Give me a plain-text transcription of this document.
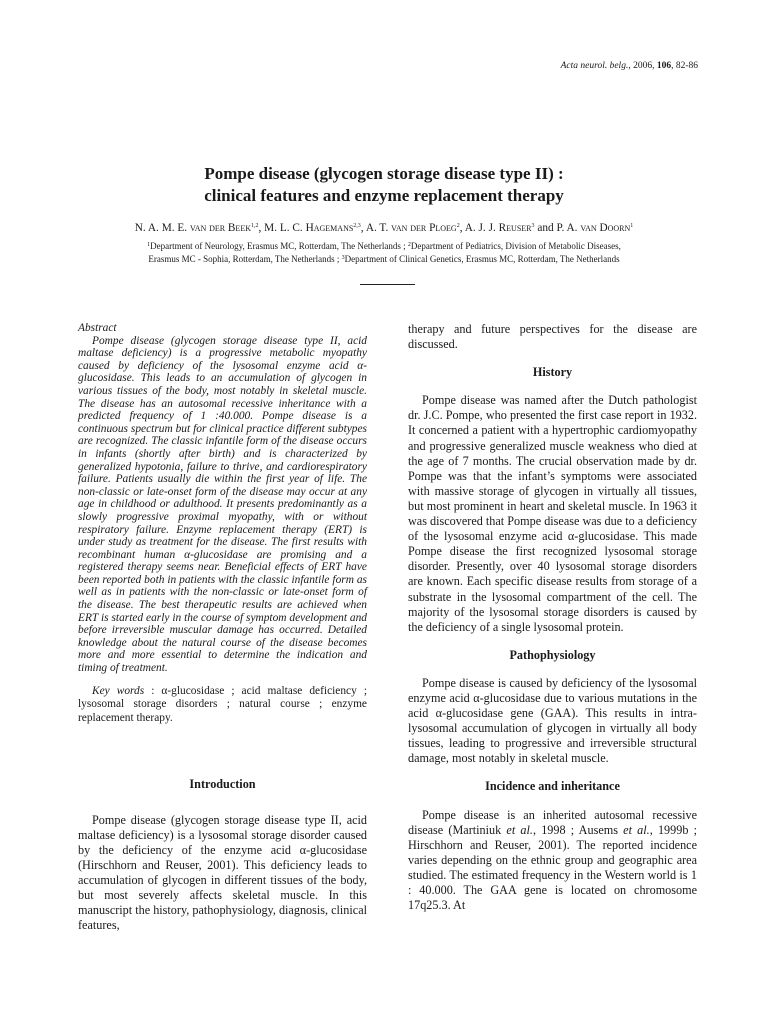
Acta neurol. belg., 2006, 106, 82-86
Pompe disease (glycogen storage disease type II) :
clinical features and enzyme replacement therapy
N. A. M. E. van der Beek$^{1,2}$, M. L. C. Hagemans$^{2,3}$, A. T. van der Ploeg$^2$, A. J. J. Reuser$^3$ and P. A. van Doorn$^1$
$^1$Department of Neurology, Erasmus MC, Rotterdam, The Netherlands ; $^2$Department of Pediatrics, Division of Metabolic Diseases,
Erasmus MC - Sophia, Rotterdam, The Netherlands ; $^3$Department of Clinical Genetics, Erasmus MC, Rotterdam, The Netherlands

Abstract

Pompe disease (glycogen storage disease type II, acid maltase deficiency) is a progressive metabolic myopathy caused by deficiency of the lysosomal enzyme acid α-glucosidase. This leads to an accumulation of glycogen in various tissues of the body, most notably in skeletal muscle. The disease has an autosomal recessive inheritance with a predicted frequency of 1 :40.000. Pompe disease is a continuous spectrum but for clinical practice different subtypes are recognized. The classic infantile form of the disease occurs in infants (shortly after birth) and is characterized by generalized hypotonia, failure to thrive, and cardiorespiratory failure. Patients usually die within the first year of life. The non-classic or late-onset form of the disease may occur at any age in childhood or adulthood. It presents predominantly as a slowly progressive proximal myopathy, with or without respiratory failure. Enzyme replacement therapy (ERT) is under study as treatment for the disease. The first results with recombinant human α-glucosidase are promising and a registered therapy seems near. Beneficial effects of ERT have been reported both in patients with the classic infantile form as well as in patients with the non-classic or late-onset form of the disease. The best therapeutic results are achieved when ERT is started early in the course of symptom development and before irreversible muscular damage has occurred. Detailed knowledge about the natural course of the disease becomes more and more essential to determine the indication and timing of treatment.

Key words : α-glucosidase ; acid maltase deficiency ; lysosomal storage disorders ; natural course ; enzyme replacement therapy.

Introduction

Pompe disease (glycogen storage disease type II, acid maltase deficiency) is a lysosomal storage disorder caused by the deficiency of the enzyme acid α-glucosidase (Hirschhorn and Reuser, 2001). This deficiency leads to accumulation of glycogen in different tissues of the body, but most severely affects skeletal muscle. In this manuscript the history, pathophysiology, diagnosis, clinical features,

therapy and future perspectives for the disease are discussed.

History

Pompe disease was named after the Dutch pathologist dr. J.C. Pompe, who presented the first case report in 1932. It concerned a patient with a hypertrophic cardiomyopathy and progressive generalized muscle weakness who died at the age of 7 months. The crucial observation made by dr. Pompe was that the infant’s symptoms were associated with massive storage of glycogen in virtually all tissues, but most prominent in heart and skeletal muscle. In 1963 it was discovered that Pompe disease was due to a deficiency of the lysosomal enzyme acid α-glucosidase. This made Pompe disease the first recognized lysosomal storage disorder. Presently, over 40 lysosomal storage disorders are known. Each specific disease results from storage of a substrate in the lysosomal compartment of the cell. The majority of the lysosomal storage disorders is caused by the deficiency of a single lysosomal protein.

Pathophysiology

Pompe disease is caused by deficiency of the lysosomal enzyme acid α-glucosidase due to various mutations in the acid α-glucosidase gene (GAA). This results in intra-lysosomal accumulation of glycogen in virtually all body tissues, leading to progressive and irreversible structural damage, most notably in skeletal muscle.

Incidence and inheritance

Pompe disease is an inherited autosomal recessive disease (Martiniuk et al., 1998 ; Ausems et al., 1999b ; Hirschhorn and Reuser, 2001). The reported incidence varies depending on the ethnic group and geographic area studied. The estimated frequency in the Western world is 1 : 40.000. The GAA gene is located on chromosome 17q25.3. At
